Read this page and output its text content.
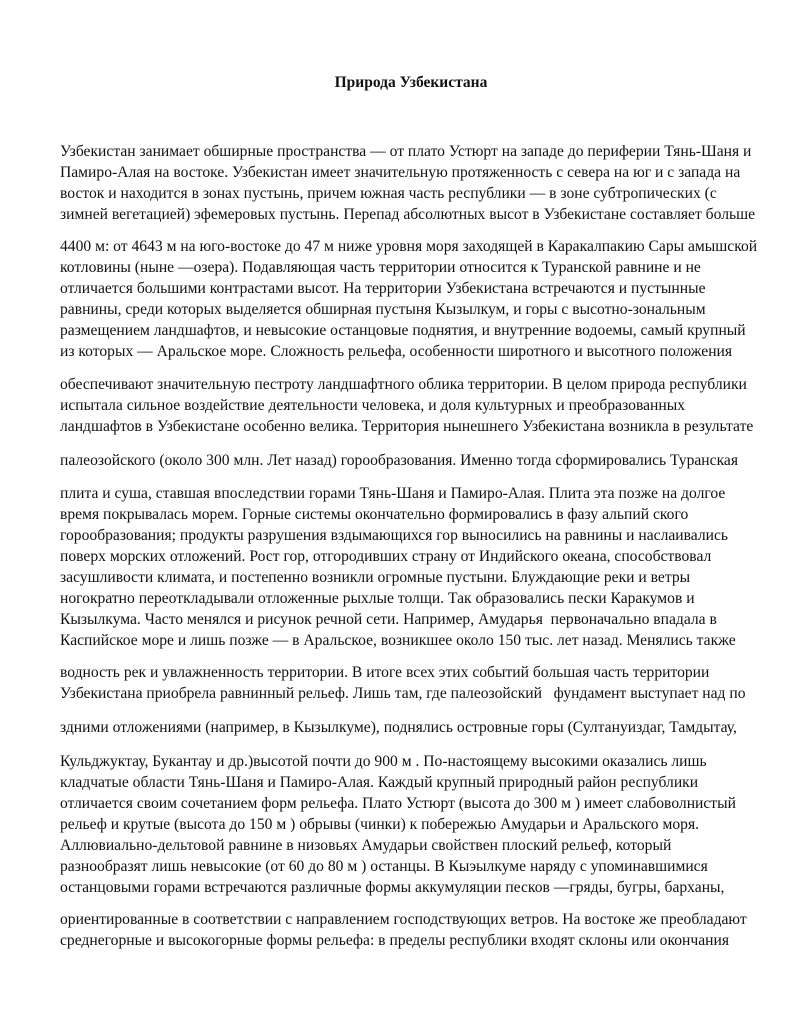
Природа Узбекистана
Узбекистан занимает обширные пространства — от плато Устюрт на западе до периферии Тянь-Шаня и
Памиро-Алая на востоке. Узбекистан имеет значительную протяженность с севера на юг и с запада на
восток и находится в зонах пустынь, причем южная часть республики — в зоне субтропических (с
зимней вегетацией) эфемеровых пустынь. Перепад абсолютных высот в Узбекистане составляет больше
4400 м: от 4643 м на юго-востоке до 47 м ниже уровня моря заходящей в Каракалпакию Сары амышской
котловины (ныне —озера). Подавляющая часть территории относится к Туранской равнине и не
отличается большими контрастами высот. На территории Узбекистана встречаются и пустынные
равнины, среди которых выделяется обширная пустыня Кызылкум, и горы с высотно-зональным
размещением ландшафтов, и невысокие останцовые поднятия, и внутренние водоемы, самый крупный
из которых — Аральское море. Сложность рельефа, особенности широтного и высотного положения
обеспечивают значительную пестроту ландшафтного облика территории. В целом природа республики
испытала сильное воздействие деятельности человека, и доля культурных и преобразованных
ландшафтов в Узбекистане особенно велика. Территория нынешнего Узбекистана возникла в результате
палеозойского (около 300 млн. Лет назад) горообразования. Именно тогда сформировались Туранская
плита и суша, ставшая впоследствии горами Тянь-Шаня и Памиро-Алая. Плита эта позже на долгое
время покрывалась морем. Горные системы окончательно формировались в фазу альпий ского
горообразования; продукты разрушения вздымающихся гор выносились на равнины и наслаивались
поверх морских отложений. Рост гор, отгородивших страну от Индийского океана, способствовал
засушливости климата, и постепенно возникли огромные пустыни. Блуждающие реки и ветры
ногократно переоткладывали отложенные рыхлые толщи. Так образовались пески Каракумов и
Кызылкума. Часто менялся и рисунок речной сети. Например, Амударья  первоначально впадала в
Каспийское море и лишь позже — в Аральское, возникшее около 150 тыс. лет назад. Менялись также
водность рек и увлажненность территории. В итоге всех этих событий большая часть территории
Узбекистана приобрела равнинный рельеф. Лишь там, где палеозойский   фундамент выступает над по
здними отложениями (например, в Кызылкуме), поднялись островные горы (Султануиздаг, Тамдытау,
Кульджуктау, Букантау и др.)высотой почти до 900 м . По-настоящему высокими оказались лишь
кладчатые области Тянь-Шаня и Памиро-Алая. Каждый крупный природный район республики
отличается своим сочетанием форм рельефа. Плато Устюрт (высота до 300 м ) имеет слабоволнистый
рельеф и крутые (высота до 150 м ) обрывы (чинки) к побережью Амударьи и Аральского моря.
Аллювиально-дельтовой равнине в низовьях Амударьи свойствен плоский рельеф, который
разнообразят лишь невысокие (от 60 до 80 м ) останцы. В Кыэылкуме наряду с упоминавшимися
останцовыми горами встречаются различные формы аккумуляции песков —гряды, бугры, барханы,
ориентированные в соответствии с направлением господствующих ветров. На востоке же преобладают
среднегорные и высокогорные формы рельефа: в пределы республики входят склоны или окончания
